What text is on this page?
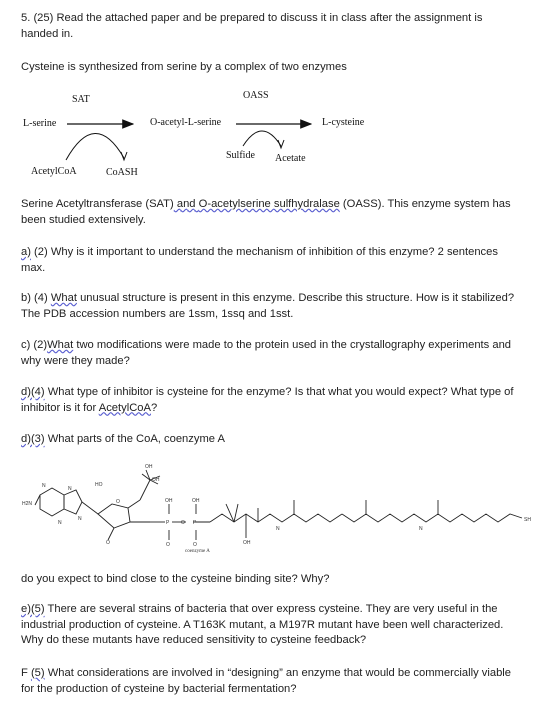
5. (25) Read the attached paper and be prepared to discuss it in class after the assignment is handed in.
Cysteine is synthesized from serine by a complex of two enzymes
SAT	OASS
L-serine	O-acetyl-L-serine	L-cysteine
AcetylCoA	CoASH
Sulfide Acetate
Serine Acetyltransferase (SAT) and O-acetylserine sulfhydralase (OASS). This enzyme system has been studied extensively.
a) (2) Why is it important to understand the mechanism of inhibition of this enzyme? 2 sentences max.
b) (4) What unusual structure is present in this enzyme. Describe this structure. How is it stabilized? The PDB accession numbers are 1ssm, 1ssq and 1sst.
c) (2)What two modifications were made to the protein used in the crystallography experiments and why were they made?
d)(4) What type of inhibitor is cysteine for the enzyme? Is that what you would expect? What type of inhibitor is it for AcetylCoA?
d)(3) What parts of the CoA, coenzyme A
coenzyme A
OH
OH
HO
N	N
H2N
N
N
O
O
OH	OH
P	P
O	O
O
OH
N	N
SH
do you expect to bind close to the cysteine binding site? Why?
e)(5) There are several strains of bacteria that over express cysteine. They are very useful in the industrial production of cysteine. A T163K mutant, a M197R mutant have been well characterized. Why do these mutants have reduced sensitivity to cysteine feedback?
F (5) What considerations are involved in “designing” an enzyme that would be commercially viable for the production of cysteine by bacterial fermentation?
